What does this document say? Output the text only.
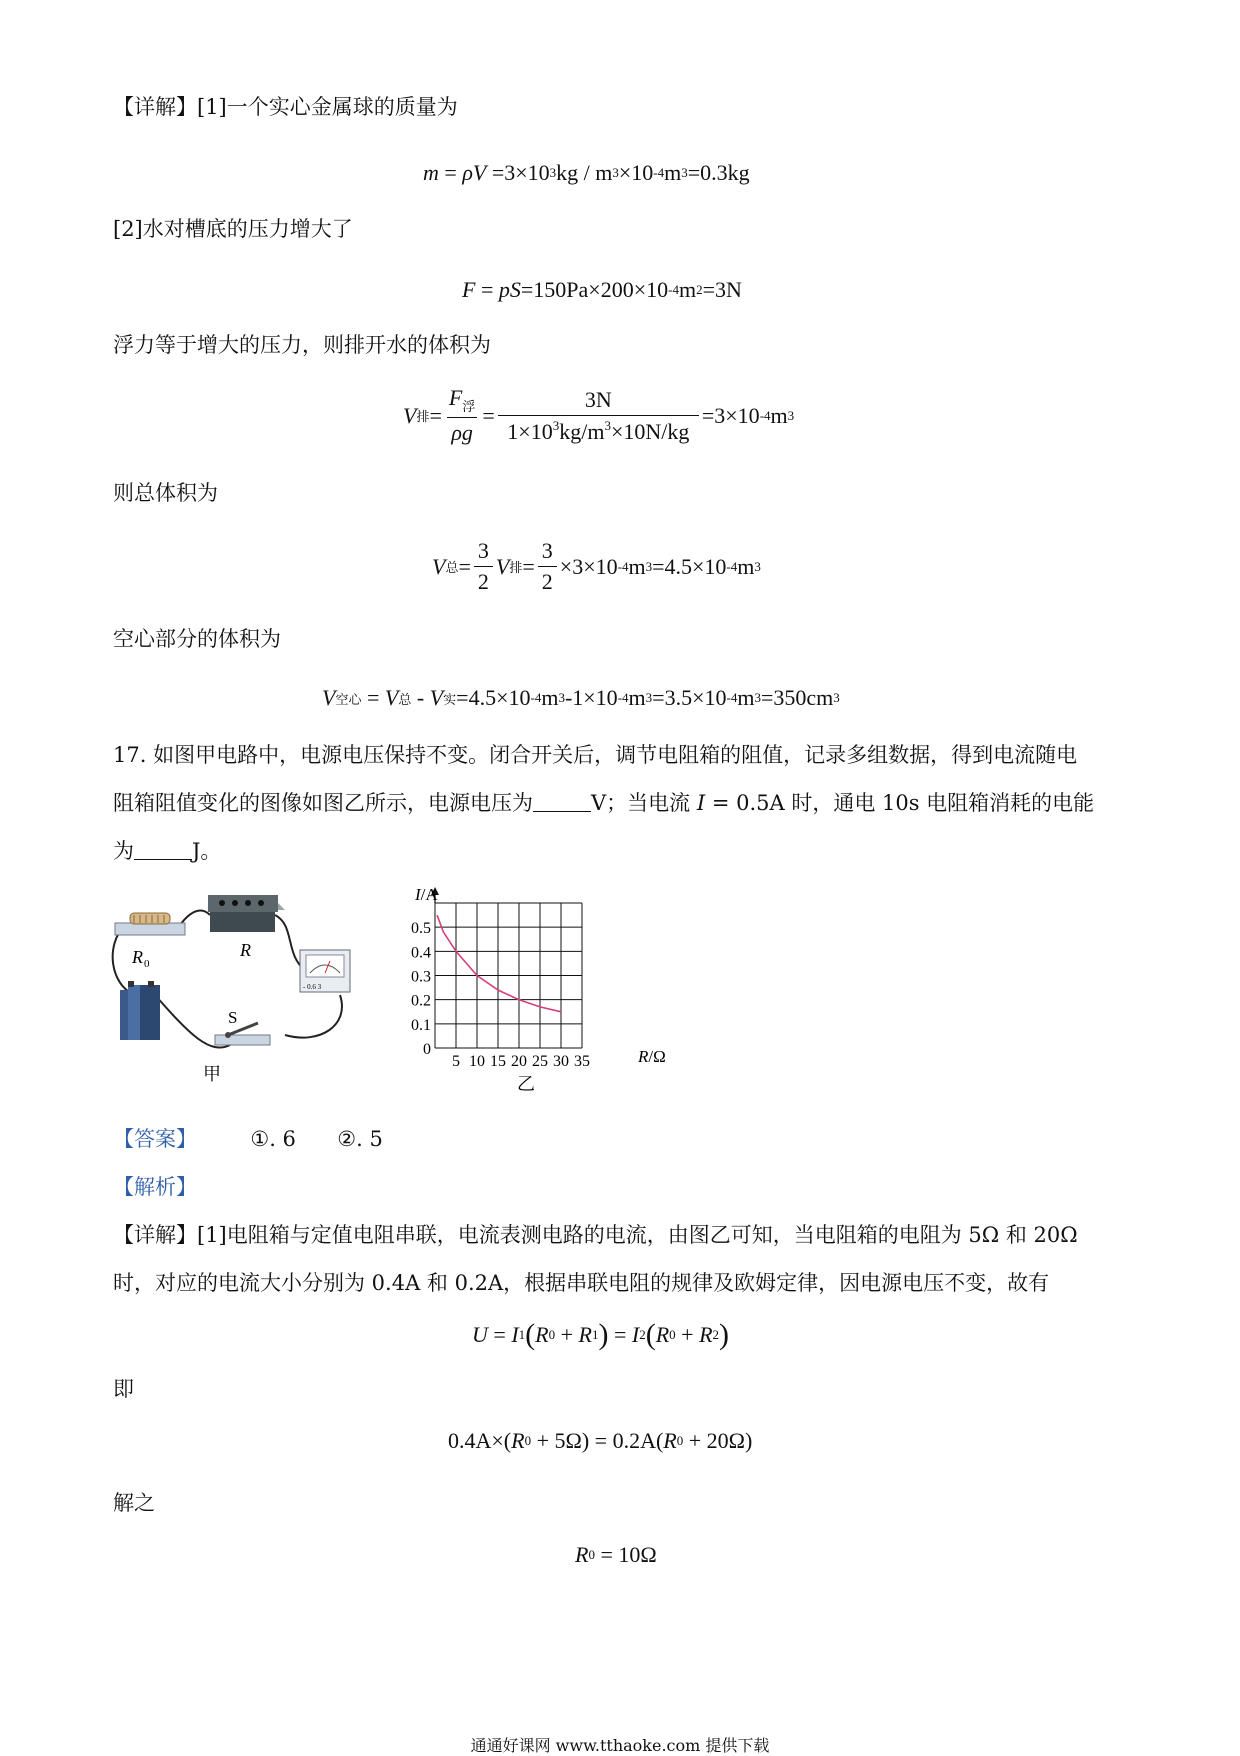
【详解】[1]一个实心金属球的质量为
m = ρV =3×10 3 kg / m 3 ×10 -4 m 3 =0.3kg
[2]水对槽底的压力增大了
F = pS =150Pa×200×10 -4 m 2 =3N
浮力等于增大的压力，则排开水的体积为
V 排 = $\frac{F_浮}{\rho g} = \frac{3N}{1\times 10^3kg/m^3\times 10N/kg} =3\times 10$ -4 m 3
则总体积为
V 总 = $\frac{3}{2}$ V 排 = $\frac{3}{2} \times 3\times 10$ -4 m 3 =4.5×10 -4 m 3
空心部分的体积为
V 空心 = V 总 - V 实 =4.5×10 -4 m 3 -1×10 -4 m 3 =3.5×10 -4 m 3 =350cm 3
17. 如图甲电路中，电源电压保持不变。闭合开关后，调节电阻箱的阻值，记录多组数据，得到电流随电
阻箱阻值变化的图像如图乙所示，电源电压为	V；当电流 I = 0.5A 时，通电 10s 电阻箱消耗的电能
为	J。
R 0
R
- 0.6 3
S
甲
0
0.1
0.2
0.3
0.4
0.5
5 10 15 20 25 30 35
I/A
R/Ω
乙
【答案】	①. 6 ②. 5
【解析】
【详解】[1]电阻箱与定值电阻串联，电流表测电路的电流，由图乙可知，当电阻箱的电阻为 5Ω 和 20Ω
时，对应的电流大小分别为 0.4A 和 0.2A，根据串联电阻的规律及欧姆定律，因电源电压不变，故有
U = I 1 ( R 0 + R 1 ) = I 2 ( R 0 + R 2 )
即
0.4A×( R 0 + 5Ω) = 0.2A( R 0 + 20Ω)
解之
R 0 = 10Ω
通通好课网 www.tthaoke.com 提供下载
